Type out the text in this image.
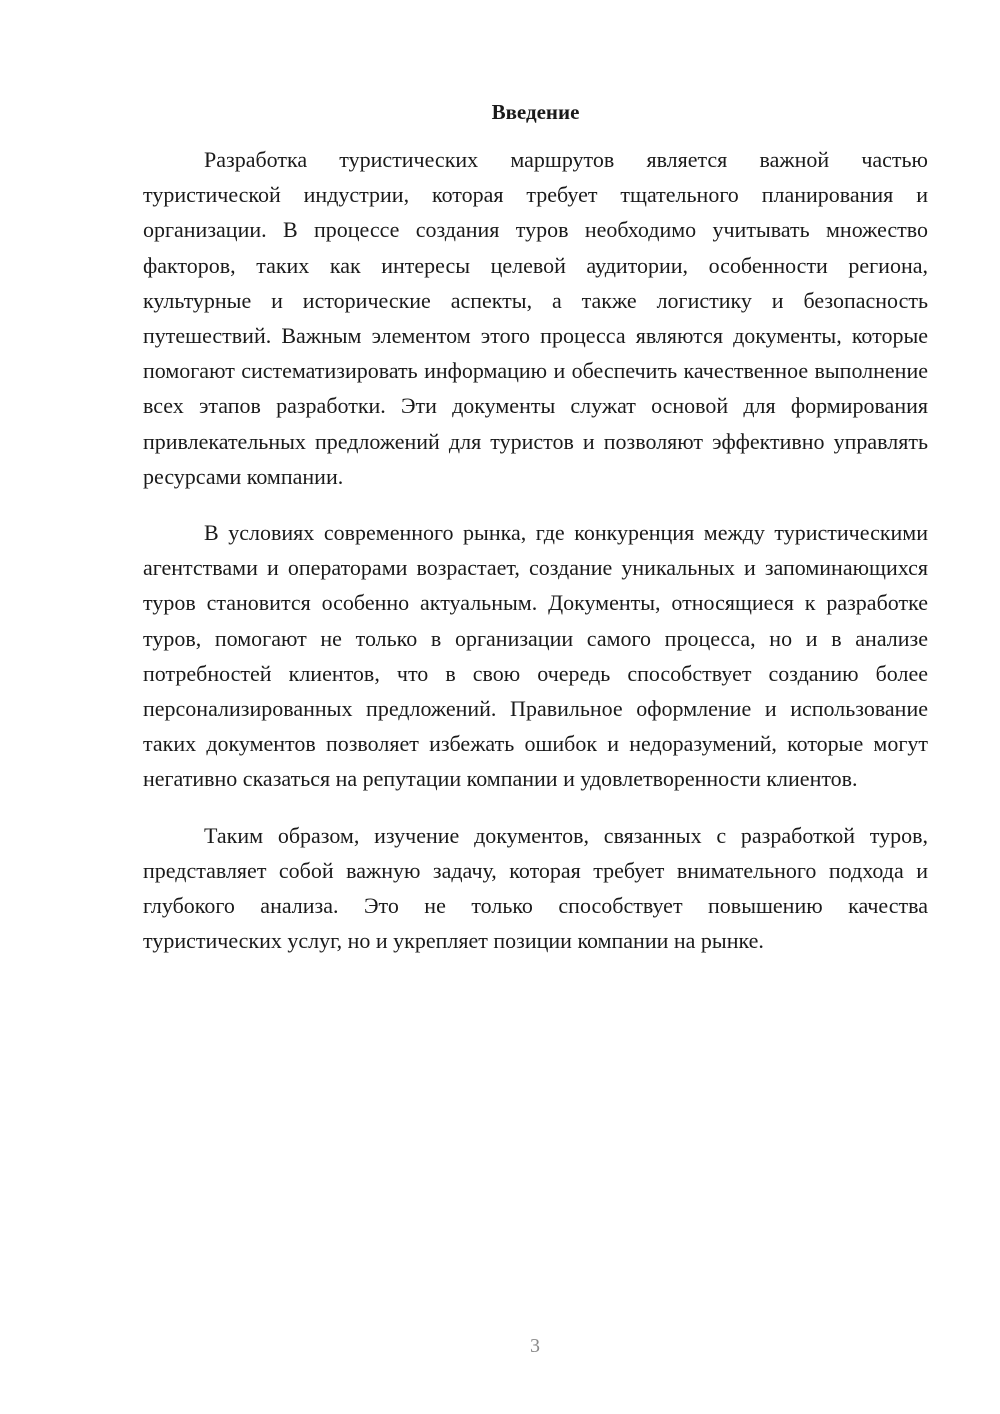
Введение

Разработка туристических маршрутов является важной частью туристической индустрии, которая требует тщательного планирования и организации. В процессе создания туров необходимо учитывать множество факторов, таких как интересы целевой аудитории, особенности региона, культурные и исторические аспекты, а также логистику и безопасность путешествий. Важным элементом этого процесса являются документы, которые помогают систематизировать информацию и обеспечить качественное выполнение всех этапов разработки. Эти документы служат основой для формирования привлекательных предложений для туристов и позволяют эффективно управлять ресурсами компании.

В условиях современного рынка, где конкуренция между туристическими агентствами и операторами возрастает, создание уникальных и запоминающихся туров становится особенно актуальным. Документы, относящиеся к разработке туров, помогают не только в организации самого процесса, но и в анализе потребностей клиентов, что в свою очередь способствует созданию более персонализированных предложений. Правильное оформление и использование таких документов позволяет избежать ошибок и недоразумений, которые могут негативно сказаться на репутации компании и удовлетворенности клиентов.

Таким образом, изучение документов, связанных с разработкой туров, представляет собой важную задачу, которая требует внимательного подхода и глубокого анализа. Это не только способствует повышению качества туристических услуг, но и укрепляет позиции компании на рынке.

3
